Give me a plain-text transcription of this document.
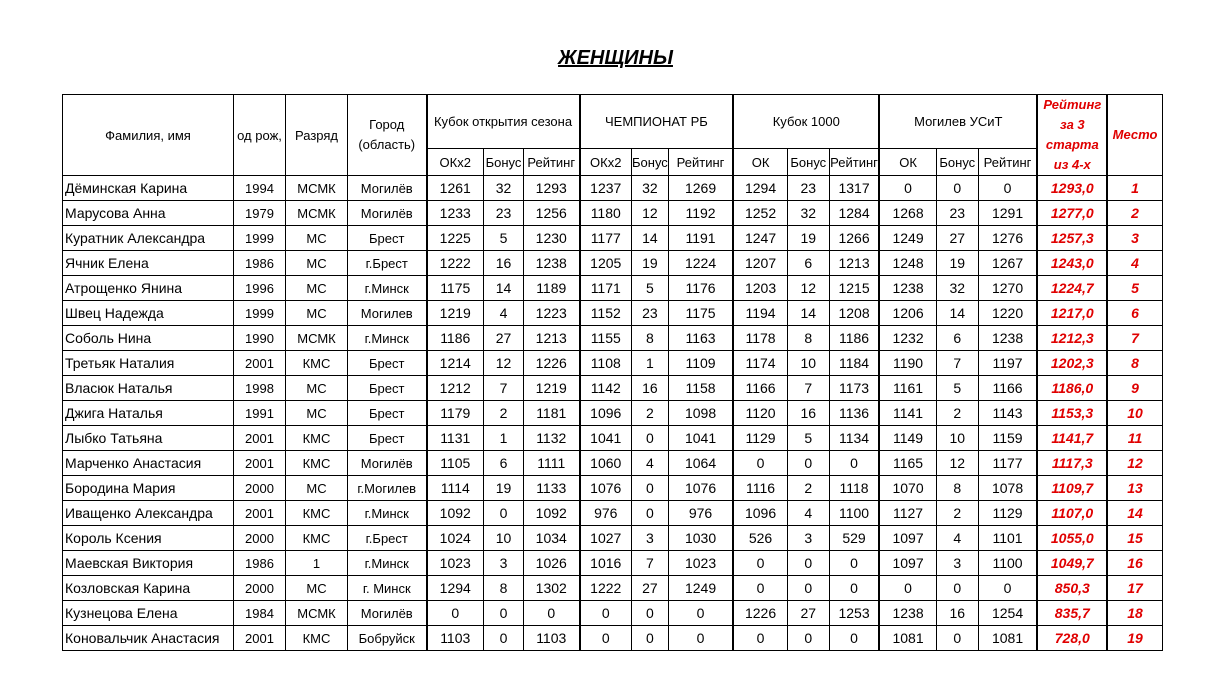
ЖЕНЩИНЫ
Фамилия, имя	од рож,	Разряд	Город (область)	Кубок открытия сезона			ЧЕМПИОНАТ РБ			Кубок 1000			Могилев УСиТ			Рейтинг за 3 старта из 4-х	Место
				ОКх2	Бонус	Рейтинг	ОКх2	Бонус	Рейтинг	ОК	Бонус	Рейтинг	ОК	Бонус	Рейтинг		
Дёминская Карина	1994	МСМК	Могилёв	1261	32	1293	1237	32	1269	1294	23	1317	0	0	0	1293,0	1
Марусова Анна	1979	МСМК	Могилёв	1233	23	1256	1180	12	1192	1252	32	1284	1268	23	1291	1277,0	2
Куратник Александра	1999	МС	Брест	1225	5	1230	1177	14	1191	1247	19	1266	1249	27	1276	1257,3	3
Ячник Елена	1986	МС	г.Брест	1222	16	1238	1205	19	1224	1207	6	1213	1248	19	1267	1243,0	4
Атрощенко Янина	1996	МС	г.Минск	1175	14	1189	1171	5	1176	1203	12	1215	1238	32	1270	1224,7	5
Швец Надежда	1999	МС	Могилев	1219	4	1223	1152	23	1175	1194	14	1208	1206	14	1220	1217,0	6
Соболь Нина	1990	МСМК	г.Минск	1186	27	1213	1155	8	1163	1178	8	1186	1232	6	1238	1212,3	7
Третьяк Наталия	2001	КМС	Брест	1214	12	1226	1108	1	1109	1174	10	1184	1190	7	1197	1202,3	8
Власюк Наталья	1998	МС	Брест	1212	7	1219	1142	16	1158	1166	7	1173	1161	5	1166	1186,0	9
Джига Наталья	1991	МС	Брест	1179	2	1181	1096	2	1098	1120	16	1136	1141	2	1143	1153,3	10
Лыбко Татьяна	2001	КМС	Брест	1131	1	1132	1041	0	1041	1129	5	1134	1149	10	1159	1141,7	11
Марченко Анастасия	2001	КМС	Могилёв	1105	6	1111	1060	4	1064	0	0	0	1165	12	1177	1117,3	12
Бородина Мария	2000	МС	г.Могилев	1114	19	1133	1076	0	1076	1116	2	1118	1070	8	1078	1109,7	13
Иващенко Александра	2001	КМС	г.Минск	1092	0	1092	976	0	976	1096	4	1100	1127	2	1129	1107,0	14
Король Ксения	2000	КМС	г.Брест	1024	10	1034	1027	3	1030	526	3	529	1097	4	1101	1055,0	15
Маевская Виктория	1986	1	г.Минск	1023	3	1026	1016	7	1023	0	0	0	1097	3	1100	1049,7	16
Козловская Карина	2000	МС	г. Минск	1294	8	1302	1222	27	1249	0	0	0	0	0	0	850,3	17
Кузнецова Елена	1984	МСМК	Могилёв	0	0	0	0	0	0	1226	27	1253	1238	16	1254	835,7	18
Коновальчик Анастасия	2001	КМС	Бобруйск	1103	0	1103	0	0	0	0	0	0	1081	0	1081	728,0	19
